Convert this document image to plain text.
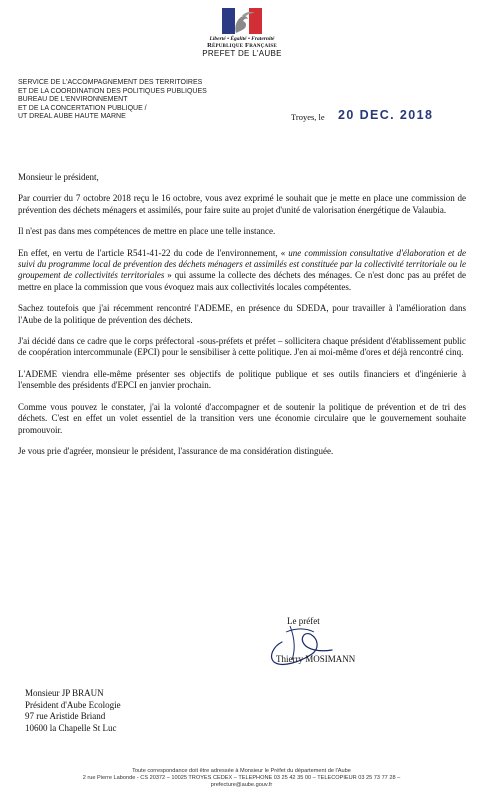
Liberté • Égalité • Fraternité
République Française
PREFET DE L'AUBE
SERVICE DE L'ACCOMPAGNEMENT DES TERRITOIRES
ET DE LA COORDINATION DES POLITIQUES PUBLIQUES
BUREAU DE L'ENVIRONNEMENT
ET DE LA CONCERTATION PUBLIQUE /
UT DREAL AUBE HAUTE MARNE	Troyes, le 20 DEC. 2018

Monsieur le président,

Par courrier du 7 octobre 2018 reçu le 16 octobre, vous avez exprimé le souhait que je mette en place une commission de prévention des déchets ménagers et assimilés, pour faire suite au projet d'unité de valorisation énergétique de Valaubia.

Il n'est pas dans mes compétences de mettre en place une telle instance.

En effet, en vertu de l'article R541-41-22 du code de l'environnement, « une commission consultative d'élaboration et de suivi du programme local de prévention des déchets ménagers et assimilés est constituée par la collectivité territoriale ou le groupement de collectivités territoriales » qui assume la collecte des déchets des ménages. Ce n'est donc pas au préfet de mettre en place la commission que vous évoquez mais aux collectivités locales compétentes.

Sachez toutefois que j'ai récemment rencontré l'ADEME, en présence du SDEDA, pour travailler à l'amélioration dans l'Aube de la politique de prévention des déchets.

J'ai décidé dans ce cadre que le corps préfectoral -sous-préfets et préfet – sollicitera chaque président d'établissement public de coopération intercommunale (EPCI) pour le sensibiliser à cette politique. J'en ai moi-même d'ores et déjà rencontré cinq.

L'ADEME viendra elle-même présenter ses objectifs de politique publique et ses outils financiers et d'ingénierie à l'ensemble des présidents d'EPCI en janvier prochain.

Comme vous pouvez le constater, j'ai la volonté d'accompagner et de soutenir la politique de prévention et de tri des déchets. C'est en effet un volet essentiel de la transition vers une économie circulaire que le gouvernement souhaite promouvoir.

Je vous prie d'agréer, monsieur le président, l'assurance de ma considération distinguée.

Le préfet
Thierry MOSIMANN
Monsieur JP BRAUN
Président d'Aube Ecologie
97 rue Aristide Briand
10600 la Chapelle St Luc
Toute correspondance doit être adressée à Monsieur le Préfet du département de l'Aube
2 rue Pierre Labonde - CS 20372 – 10025 TROYES CEDEX – TELEPHONE 03 25 42 35 00 – TELECOPIEUR 03 25 73 77 28 –
prefecture@aube.gouv.fr
